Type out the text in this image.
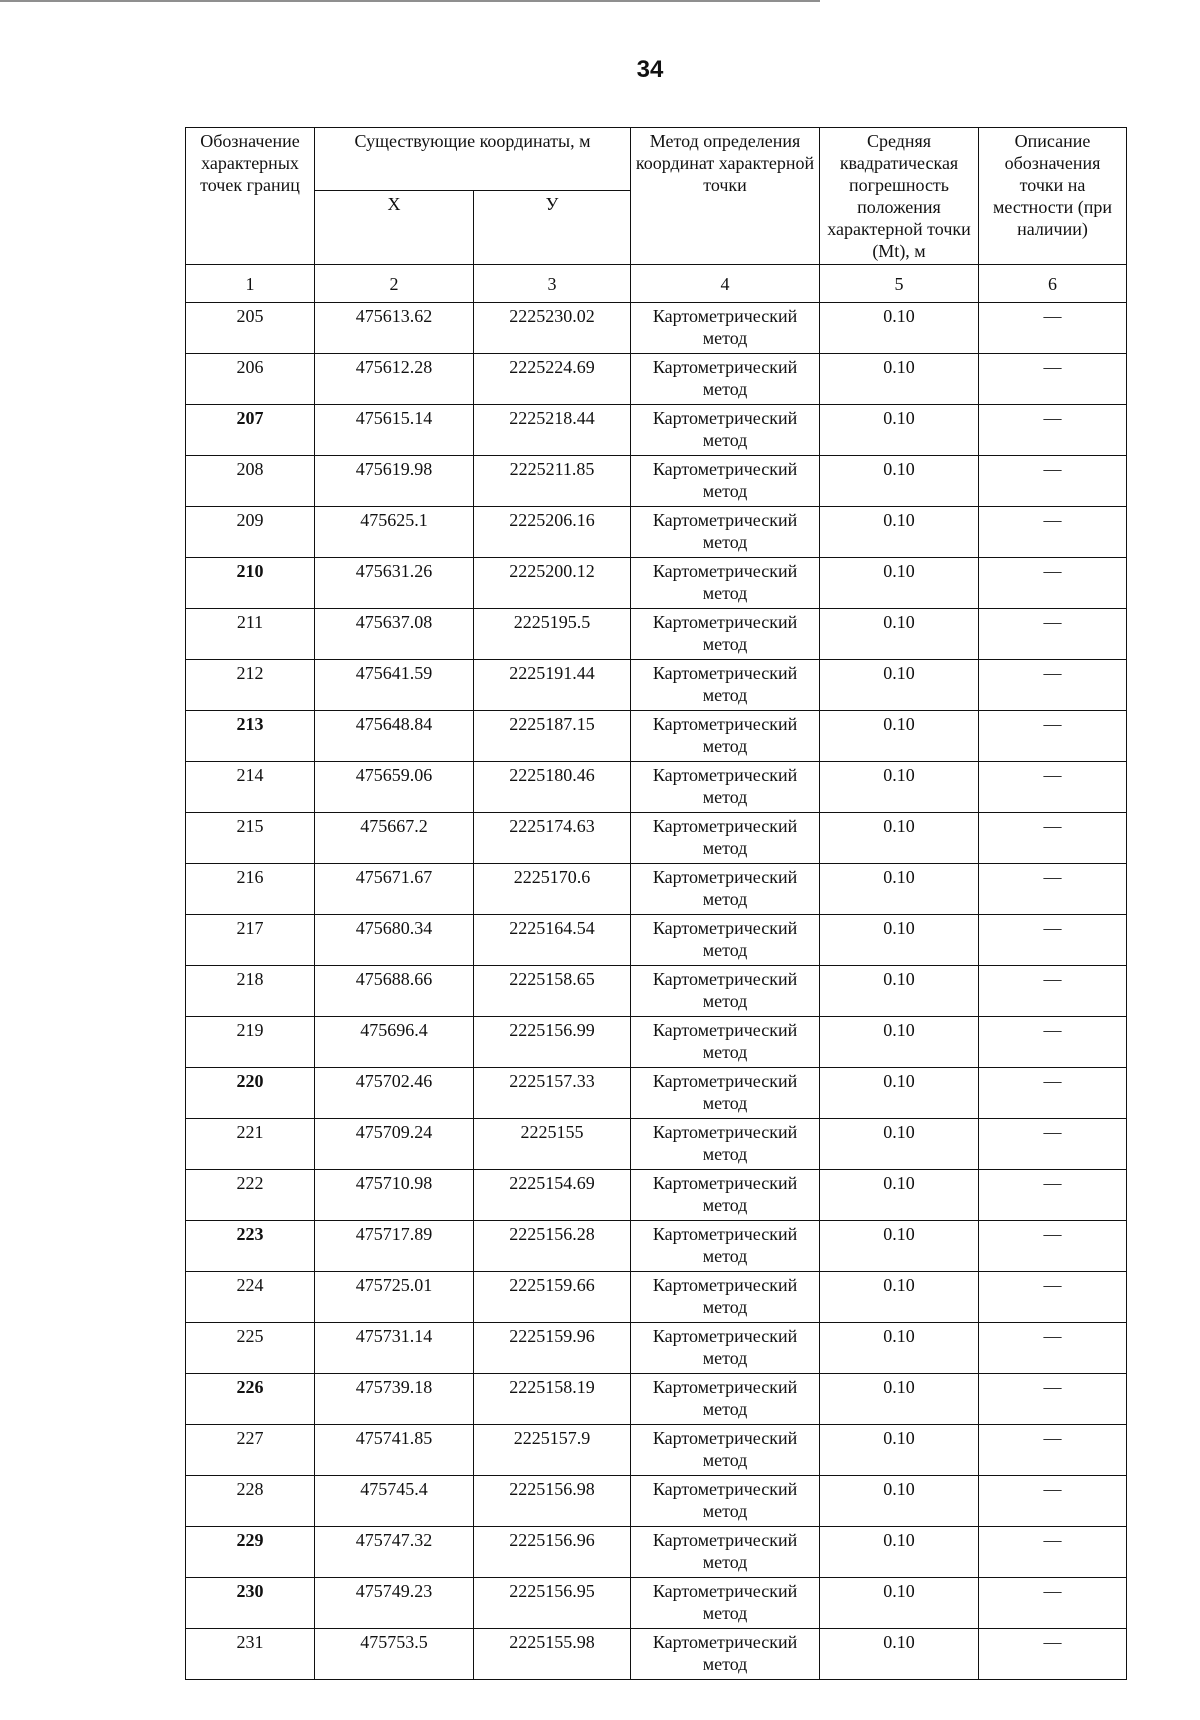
34
Обозначение характерных точек границ	Существующие координаты, м		Метод определения координат характерной точки	Средняя квадратическая погрешность положения характерной точки (Mt), м	Описание обозначения точки на местности (при наличии)
	X	У			
1	2	3	4	5	6
205	475613.62	2225230.02	Картометрический метод	0.10	—
206	475612.28	2225224.69	Картометрический метод	0.10	—
207	475615.14	2225218.44	Картометрический метод	0.10	—
208	475619.98	2225211.85	Картометрический метод	0.10	—
209	475625.1	2225206.16	Картометрический метод	0.10	—
210	475631.26	2225200.12	Картометрический метод	0.10	—
211	475637.08	2225195.5	Картометрический метод	0.10	—
212	475641.59	2225191.44	Картометрический метод	0.10	—
213	475648.84	2225187.15	Картометрический метод	0.10	—
214	475659.06	2225180.46	Картометрический метод	0.10	—
215	475667.2	2225174.63	Картометрический метод	0.10	—
216	475671.67	2225170.6	Картометрический метод	0.10	—
217	475680.34	2225164.54	Картометрический метод	0.10	—
218	475688.66	2225158.65	Картометрический метод	0.10	—
219	475696.4	2225156.99	Картометрический метод	0.10	—
220	475702.46	2225157.33	Картометрический метод	0.10	—
221	475709.24	2225155	Картометрический метод	0.10	—
222	475710.98	2225154.69	Картометрический метод	0.10	—
223	475717.89	2225156.28	Картометрический метод	0.10	—
224	475725.01	2225159.66	Картометрический метод	0.10	—
225	475731.14	2225159.96	Картометрический метод	0.10	—
226	475739.18	2225158.19	Картометрический метод	0.10	—
227	475741.85	2225157.9	Картометрический метод	0.10	—
228	475745.4	2225156.98	Картометрический метод	0.10	—
229	475747.32	2225156.96	Картометрический метод	0.10	—
230	475749.23	2225156.95	Картометрический метод	0.10	—
231	475753.5	2225155.98	Картометрический метод	0.10	—
